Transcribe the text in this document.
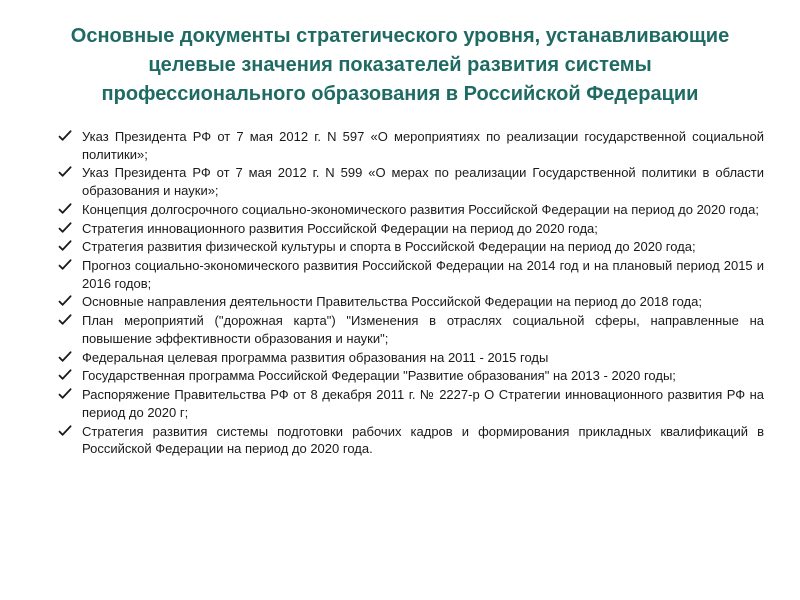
Основные документы стратегического уровня, устанавливающие
целевые значения показателей развития системы
профессионального образования в Российской Федерации
Указ Президента РФ от 7 мая 2012 г. N 597 «О мероприятиях по реализации государственной социальной политики»;
Указ Президента РФ от 7 мая 2012 г. N 599 «О мерах по реализации Государственной политики в области образования и науки»;
Концепция долгосрочного социально-экономического развития Российской Федерации на период до 2020 года;
Стратегия инновационного развития Российской Федерации на период до 2020 года;
Стратегия развития физической культуры и спорта в Российской Федерации на период до 2020 года;
Прогноз социально-экономического развития Российской Федерации на 2014 год и на плановый период 2015 и 2016 годов;
Основные направления деятельности Правительства Российской Федерации на период до 2018 года;
План мероприятий ("дорожная карта") "Изменения в отраслях социальной сферы, направленные на повышение эффективности образования и науки";
Федеральная целевая программа развития образования на 2011 - 2015 годы
Государственная программа Российской Федерации "Развитие образования" на 2013 - 2020 годы;
Распоряжение Правительства РФ от 8 декабря 2011 г. № 2227-р О Стратегии инновационного развития РФ на период до 2020 г;
Стратегия развития системы подготовки рабочих кадров и формирования прикладных квалификаций в Российской Федерации на период до 2020 года.
